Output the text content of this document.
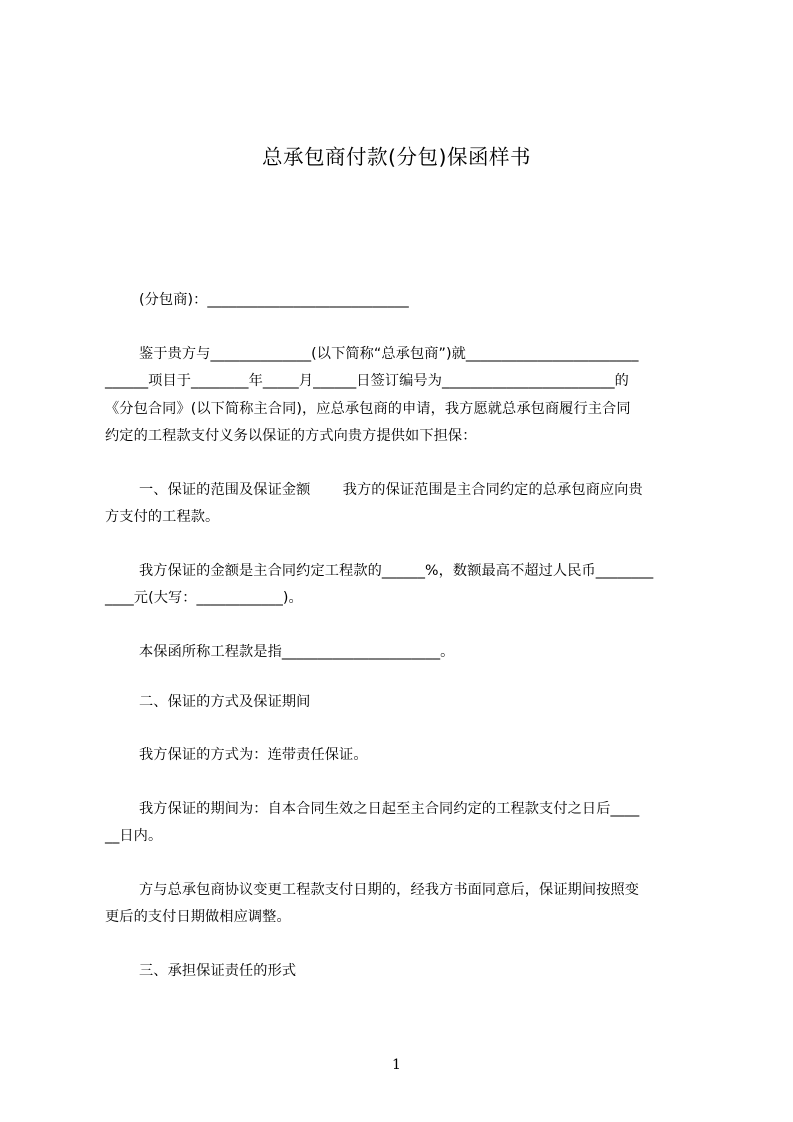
总承包商付款(分包)保函样书
(分包商)：____________________________
鉴于贵方与______________(以下简称“总承包商”)就________________________
______项目于________年_____月______日签订编号为________________________的
《分包合同》(以下简称主合同)，应总承包商的申请，我方愿就总承包商履行主合同
约定的工程款支付义务以保证的方式向贵方提供如下担保：
一、保证的范围及保证金额       我方的保证范围是主合同约定的总承包商应向贵
方支付的工程款。
我方保证的金额是主合同约定工程款的______%，数额最高不超过人民币________
____元(大写：____________)。
本保函所称工程款是指______________________。
二、保证的方式及保证期间
我方保证的方式为：连带责任保证。
我方保证的期间为：自本合同生效之日起至主合同约定的工程款支付之日后____
__日内。
方与总承包商协议变更工程款支付日期的，经我方书面同意后，保证期间按照变
更后的支付日期做相应调整。
三、承担保证责任的形式
1
